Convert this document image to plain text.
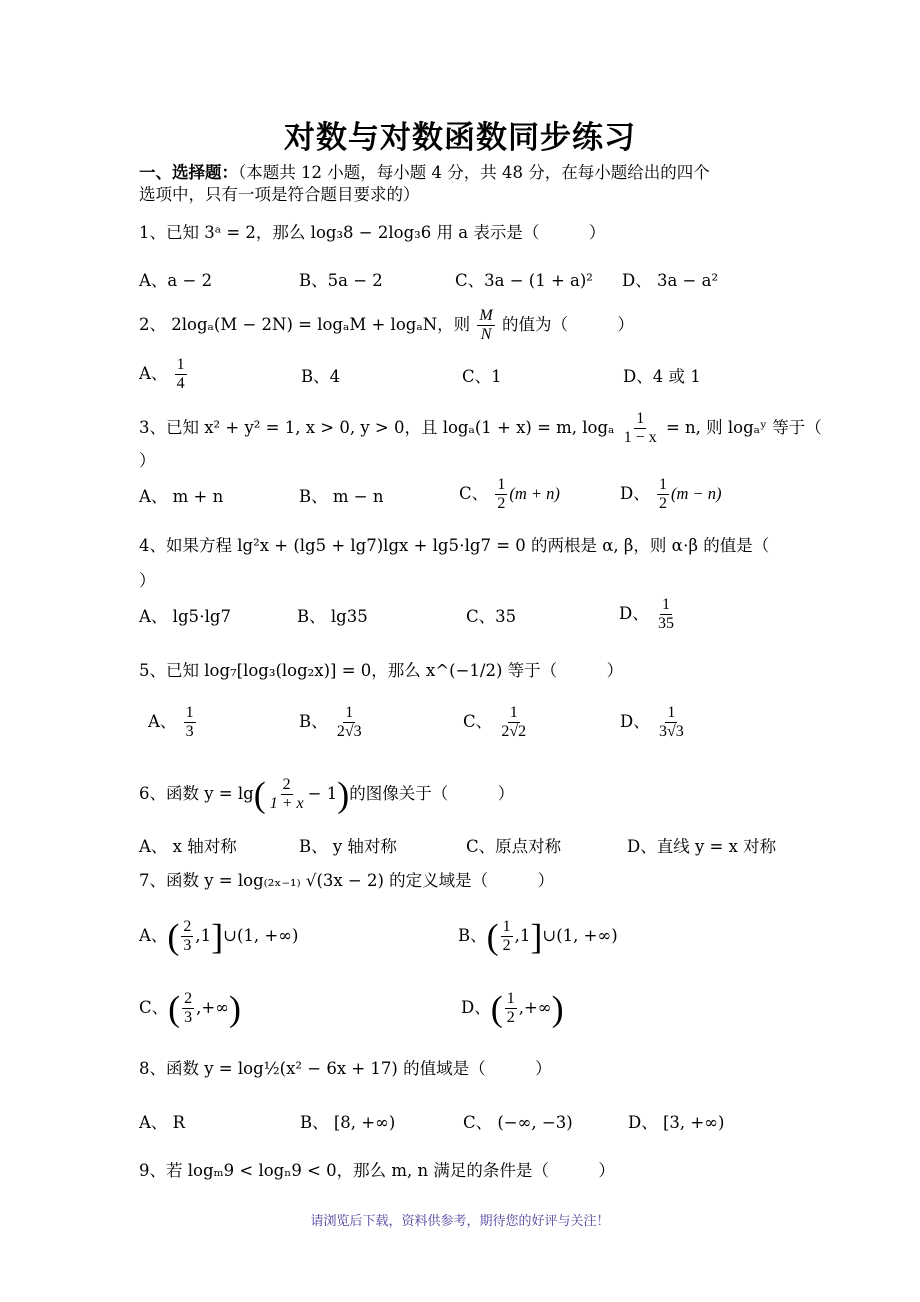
对数与对数函数同步练习
一、选择题：（本题共 12 小题，每小题 4 分，共 48 分，在每小题给出的四个
选项中，只有一项是符合题目要求的）
1、已知 3ᵃ = 2，那么 log₃8 − 2log₃6 用 a 表示是（　　　）
A、a − 2	B、5a − 2	C、3a − (1 + a)² D、 3a − a²
2、 2logₐ(M − 2N) = logₐM + logₐN，则 $\frac{M}{N}$ 的值为（　　　）
A、 $\frac{1}{4}$	B、4	C、1	D、4 或 1
3、已知 x² + y² = 1, x > 0, y > 0，且 logₐ(1 + x) = m, logₐ $\frac{1}{1 - x} = n$, 则 logₐʸ 等于（
）
A、 m + n	B、 m − n	C、 $\frac{1}{2} (m + n)$	D、 $\frac{1}{2} (m - n)$
4、如果方程 lg²x + (lg5 + lg7)lgx + lg5⋅lg7 = 0 的两根是 α, β，则 α⋅β 的值是（
）
A、 lg5⋅lg7	B、 lg35	C、35	D、 $\frac{1}{35}$
5、已知 log₇[log₃(log₂x)] = 0，那么 x^(−1/2) 等于（　　　）
A、 $\frac{1}{3}$	B、 $\frac{1}{2√3}$	C、 $\frac{1}{2√2}$	D、 $\frac{1}{3√3}$
6、函数 $y = \lg( \frac{2}{1 + x} - 1)$的图像关于（　　　）
A、 x 轴对称	B、 y 轴对称	C、原点对称	D、直线 y = x 对称
7、函数 y = log₍₂ₓ₋₁₎ √(3x − 2) 的定义域是（　　　）
A、( $\frac{2}{3}$ ,1]∪(1, +∞)	B、( $\frac{1}{2}$ ,1]∪(1, +∞)
C、( $\frac{2}{3}$ ,+∞)	D、( $\frac{1}{2}$ ,+∞)
8、函数 y = log½(x² − 6x + 17) 的值域是（　　　）
A、 R	B、 [8, +∞)	C、 (−∞, −3)	D、 [3, +∞)
9、若 logₘ9 < logₙ9 < 0，那么 m, n 满足的条件是（　　　）
请浏览后下载，资料供参考，期待您的好评与关注！
